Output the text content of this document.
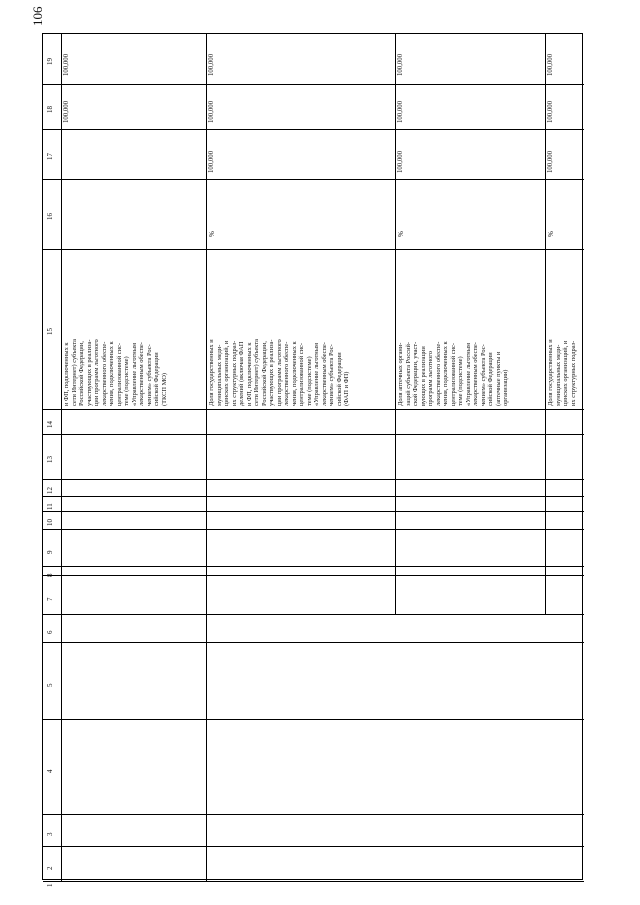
106
19
18
17
16
15
14
13
12
11
10
9
8
7
6
5
4
3
2
1
и ФП, подключенных к сети Интернет) субъекта Российской Федерации, участвующих в реализа- ции программ льготного лекарственного обеспе- чения, подключенных к централизованной сис- теме (подсистеме) «Управление льготным лекарственным обеспе- чением» субъекта Рос- сийской Федерации (ТКСП МО)
100,000
100,000
Доля государственных и муниципальных меди- цинских организаций, и их структурных подраз- делений (включая ФАП и ФП, подключенных к сети Интернет) субъекта Российской Федерации, участвующих в реализа- ции программ льготного лекарственного обеспе- чения, подключенных к централизованной сис- теме (подсистеме) «Управление льготным лекарственным обеспе- чением» субъекта Рос- сийской Федерации (ФАП и ФП)
%
100,000
100,000
100,000
Доля аптечных органи- заций субъекта Россий- ской Федерации, участ- вующих в реализации программ льготного лекарственного обеспе- чения, подключенных к централизованной сис- теме (подсистеме) «Управление льготным лекарственным обеспе- чением» субъекта Рос- сийской Федерации (аптечные пункты и организации)
%
100,000
100,000
100,000
Доля государственных и муниципальных меди- цинских организаций, и их структурных подраз-
%
100,000
100,000
100,000
